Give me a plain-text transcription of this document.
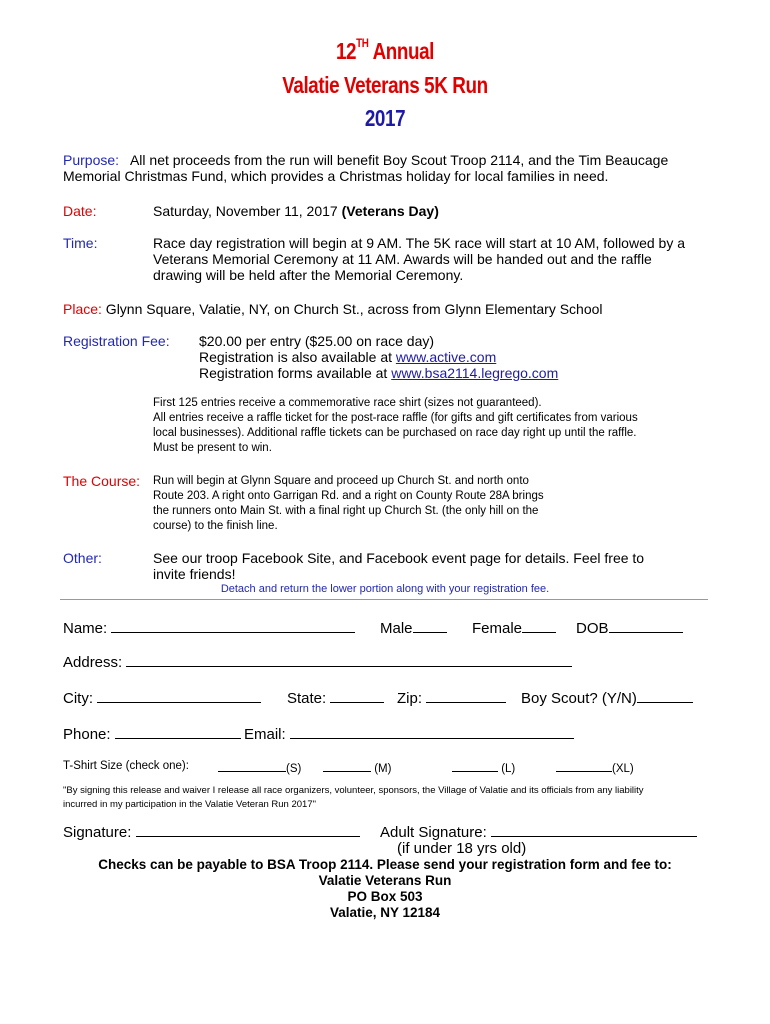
12TH Annual
Valatie Veterans 5K Run
2017
Purpose: All net proceeds from the run will benefit Boy Scout Troop 2114, and the Tim Beaucage
Memorial Christmas Fund, which provides a Christmas holiday for local families in need.
Date:	Saturday, November 11, 2017 (Veterans Day)
Time:	Race day registration will begin at 9 AM. The 5K race will start at 10 AM, followed by a
Veterans Memorial Ceremony at 11 AM. Awards will be handed out and the raffle
drawing will be held after the Memorial Ceremony.
Place: Glynn Square, Valatie, NY, on Church St., across from Glynn Elementary School
Registration Fee: $20.00 per entry ($25.00 on race day)
Registration is also available at www.active.com
Registration forms available at www.bsa2114.legrego.com
First 125 entries receive a commemorative race shirt (sizes not guaranteed).
All entries receive a raffle ticket for the post-race raffle (for gifts and gift certificates from various
local businesses). Additional raffle tickets can be purchased on race day right up until the raffle.
Must be present to win.
The Course: Run will begin at Glynn Square and proceed up Church St. and north onto
Route 203. A right onto Garrigan Rd. and a right on County Route 28A brings
the runners onto Main St. with a final right up Church St. (the only hill on the
course) to the finish line.
Other:	See our troop Facebook Site, and Facebook event page for details. Feel free to
invite friends!
Detach and return the lower portion along with your registration fee.
Name:	Male	Female	DOB
Address:
City:	State:	Zip:	Boy Scout? (Y/N)
Phone:	Email:
T-Shirt Size (check one):	(S)	(M)	(L)	(XL)
"By signing this release and waiver I release all race organizers, volunteer, sponsors, the Village of Valatie and its officials from any liability
incurred in my participation in the Valatie Veteran Run 2017"
Signature:	Adult Signature:
(if under 18 yrs old)
Checks can be payable to BSA Troop 2114. Please send your registration form and fee to:
Valatie Veterans Run
PO Box 503
Valatie, NY 12184
